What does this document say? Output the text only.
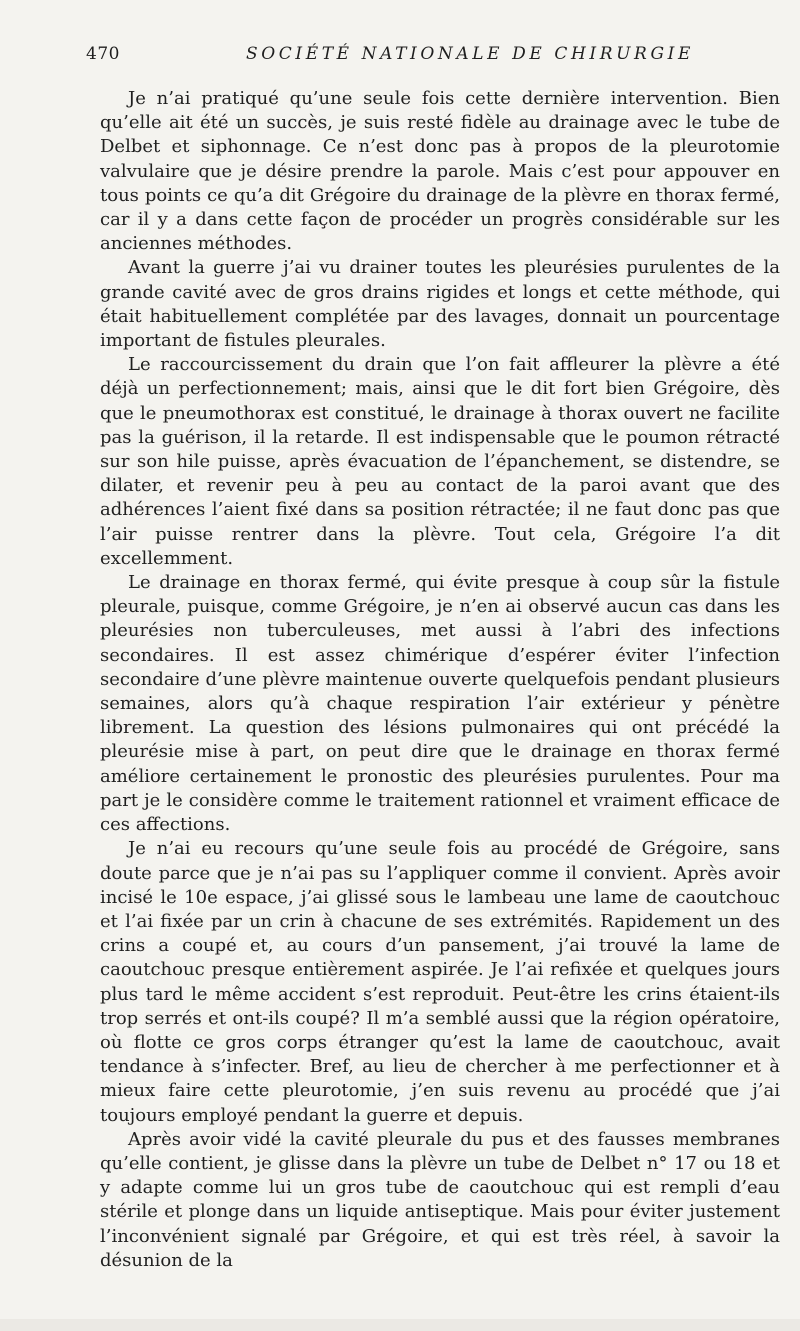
470	SOCIÉTÉ NATIONALE DE CHIRURGIE

Je n’ai pratiqué qu’une seule fois cette dernière intervention. Bien qu’elle ait été un succès, je suis resté fidèle au drainage avec le tube de Delbet et siphonnage. Ce n’est donc pas à propos de la pleurotomie valvulaire que je désire prendre la parole. Mais c’est pour appouver en tous points ce qu’a dit Grégoire du drainage de la plèvre en thorax fermé, car il y a dans cette façon de procéder un progrès considérable sur les anciennes méthodes.

Avant la guerre j’ai vu drainer toutes les pleurésies purulentes de la grande cavité avec de gros drains rigides et longs et cette méthode, qui était habituellement complétée par des lavages, donnait un pourcentage important de fistules pleurales.

Le raccourcissement du drain que l’on fait affleurer la plèvre a été déjà un perfectionnement; mais, ainsi que le dit fort bien Grégoire, dès que le pneumothorax est constitué, le drainage à thorax ouvert ne facilite pas la guérison, il la retarde. Il est indispensable que le poumon rétracté sur son hile puisse, après évacuation de l’épanchement, se distendre, se dilater, et revenir peu à peu au contact de la paroi avant que des adhérences l’aient fixé dans sa position rétractée; il ne faut donc pas que l’air puisse rentrer dans la plèvre. Tout cela, Grégoire l’a dit excellemment.

Le drainage en thorax fermé, qui évite presque à coup sûr la fistule pleurale, puisque, comme Grégoire, je n’en ai observé aucun cas dans les pleurésies non tuberculeuses, met aussi à l’abri des infections secondaires. Il est assez chimérique d’espérer éviter l’infection secondaire d’une plèvre maintenue ouverte quelquefois pendant plusieurs semaines, alors qu’à chaque respiration l’air extérieur y pénètre librement. La question des lésions pulmonaires qui ont précédé la pleurésie mise à part, on peut dire que le drainage en thorax fermé améliore certainement le pronostic des pleurésies purulentes. Pour ma part je le considère comme le traitement rationnel et vraiment efficace de ces affections.

Je n’ai eu recours qu’une seule fois au procédé de Grégoire, sans doute parce que je n’ai pas su l’appliquer comme il convient. Après avoir incisé le 10e espace, j’ai glissé sous le lambeau une lame de caoutchouc et l’ai fixée par un crin à chacune de ses extrémités. Rapidement un des crins a coupé et, au cours d’un pansement, j’ai trouvé la lame de caoutchouc presque entièrement aspirée. Je l’ai refixée et quelques jours plus tard le même accident s’est reproduit. Peut-être les crins étaient-ils trop serrés et ont-ils coupé? Il m’a semblé aussi que la région opératoire, où flotte ce gros corps étranger qu’est la lame de caoutchouc, avait tendance à s’infecter. Bref, au lieu de chercher à me perfectionner et à mieux faire cette pleurotomie, j’en suis revenu au procédé que j’ai toujours employé pendant la guerre et depuis.

Après avoir vidé la cavité pleurale du pus et des fausses membranes qu’elle contient, je glisse dans la plèvre un tube de Delbet n° 17 ou 18 et y adapte comme lui un gros tube de caoutchouc qui est rempli d’eau stérile et plonge dans un liquide antiseptique. Mais pour éviter justement l’inconvénient signalé par Grégoire, et qui est très réel, à savoir la désunion de la
